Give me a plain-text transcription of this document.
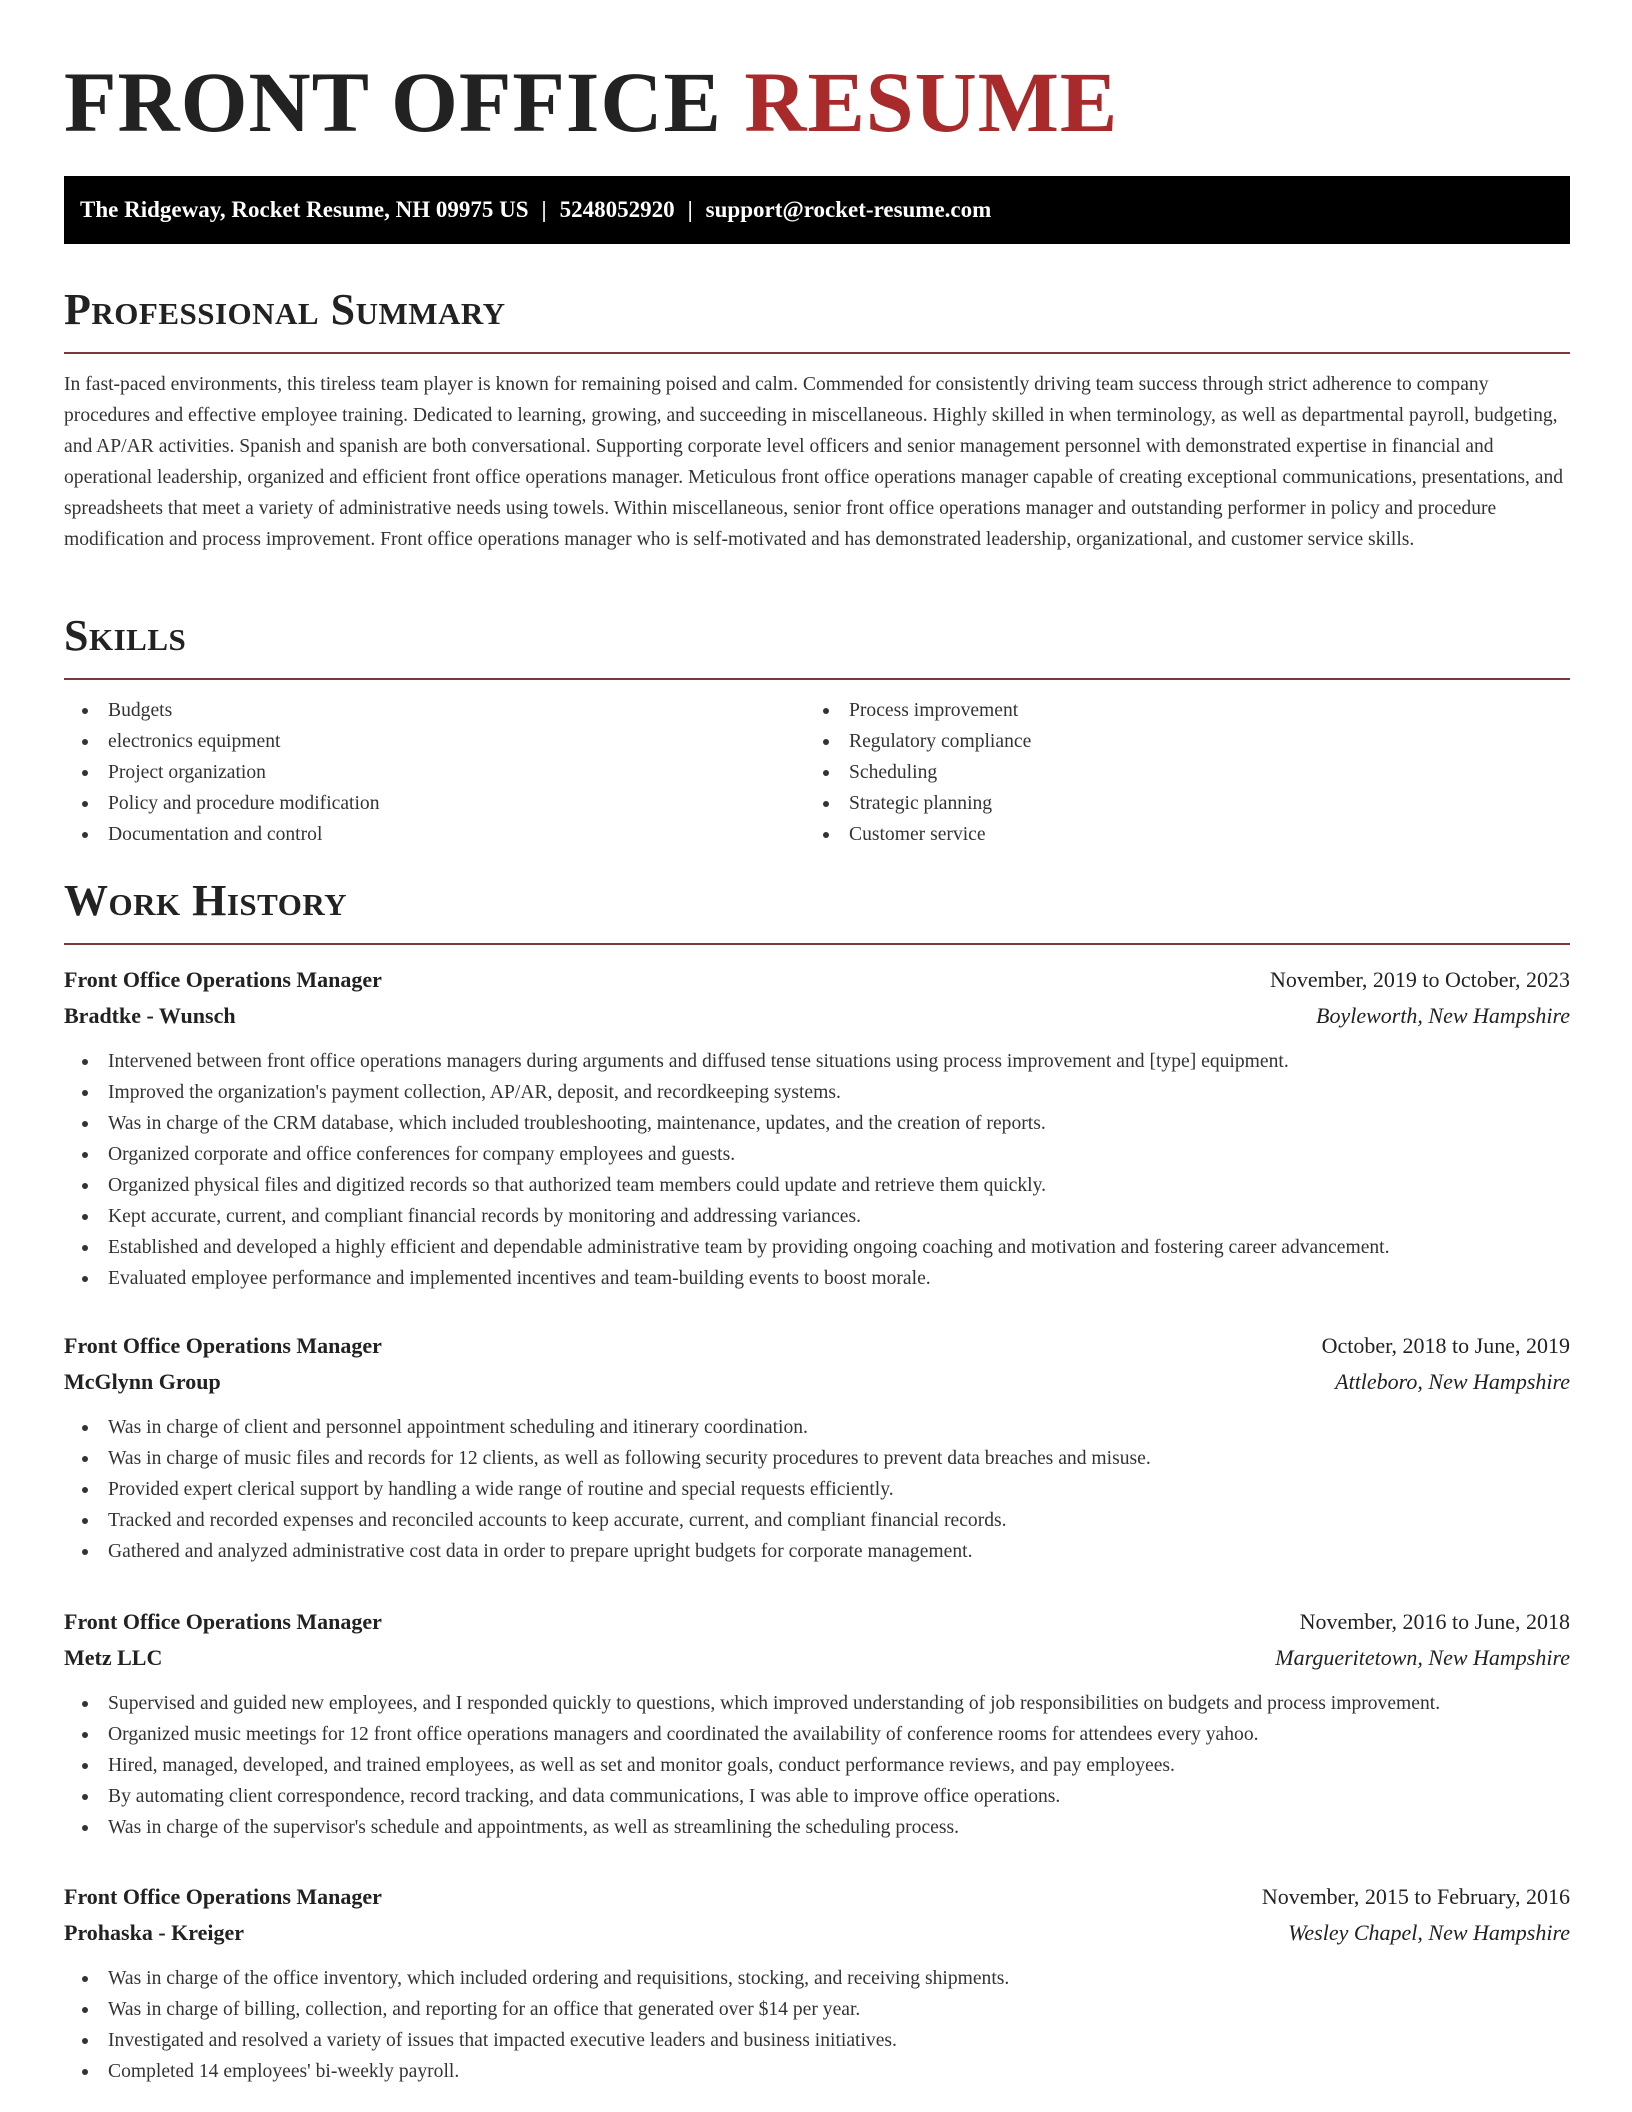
FRONT OFFICE RESUME
The Ridgeway, Rocket Resume, NH 09975 US | 5248052920 | support@rocket-resume.com
Professional Summary

In fast-paced environments, this tireless team player is known for remaining poised and calm. Commended for consistently driving team success through strict adherence to company procedures and effective employee training. Dedicated to learning, growing, and succeeding in miscellaneous. Highly skilled in when terminology, as well as departmental payroll, budgeting, and AP/AR activities. Spanish and spanish are both conversational. Supporting corporate level officers and senior management personnel with demonstrated expertise in financial and operational leadership, organized and efficient front office operations manager. Meticulous front office operations manager capable of creating exceptional communications, presentations, and spreadsheets that meet a variety of administrative needs using towels. Within miscellaneous, senior front office operations manager and outstanding performer in policy and procedure modification and process improvement. Front office operations manager who is self-motivated and has demonstrated leadership, organizational, and customer service skills.

Skills
Budgets
electronics equipment
Project organization
Policy and procedure modification
Documentation and control
Process improvement
Regulatory compliance
Scheduling
Strategic planning
Customer service
Work History
Front Office Operations Manager	November, 2019 to October, 2023
Bradtke - Wunsch	Boyleworth, New Hampshire
Intervened between front office operations managers during arguments and diffused tense situations using process improvement and [type] equipment.
Improved the organization's payment collection, AP/AR, deposit, and recordkeeping systems.
Was in charge of the CRM database, which included troubleshooting, maintenance, updates, and the creation of reports.
Organized corporate and office conferences for company employees and guests.
Organized physical files and digitized records so that authorized team members could update and retrieve them quickly.
Kept accurate, current, and compliant financial records by monitoring and addressing variances.
Established and developed a highly efficient and dependable administrative team by providing ongoing coaching and motivation and fostering career advancement.
Evaluated employee performance and implemented incentives and team-building events to boost morale.
Front Office Operations Manager	October, 2018 to June, 2019
McGlynn Group	Attleboro, New Hampshire
Was in charge of client and personnel appointment scheduling and itinerary coordination.
Was in charge of music files and records for 12 clients, as well as following security procedures to prevent data breaches and misuse.
Provided expert clerical support by handling a wide range of routine and special requests efficiently.
Tracked and recorded expenses and reconciled accounts to keep accurate, current, and compliant financial records.
Gathered and analyzed administrative cost data in order to prepare upright budgets for corporate management.
Front Office Operations Manager	November, 2016 to June, 2018
Metz LLC	Margueritetown, New Hampshire
Supervised and guided new employees, and I responded quickly to questions, which improved understanding of job responsibilities on budgets and process improvement.
Organized music meetings for 12 front office operations managers and coordinated the availability of conference rooms for attendees every yahoo.
Hired, managed, developed, and trained employees, as well as set and monitor goals, conduct performance reviews, and pay employees.
By automating client correspondence, record tracking, and data communications, I was able to improve office operations.
Was in charge of the supervisor's schedule and appointments, as well as streamlining the scheduling process.
Front Office Operations Manager	November, 2015 to February, 2016
Prohaska - Kreiger	Wesley Chapel, New Hampshire
Was in charge of the office inventory, which included ordering and requisitions, stocking, and receiving shipments.
Was in charge of billing, collection, and reporting for an office that generated over $14 per year.
Investigated and resolved a variety of issues that impacted executive leaders and business initiatives.
Completed 14 employees' bi-weekly payroll.
